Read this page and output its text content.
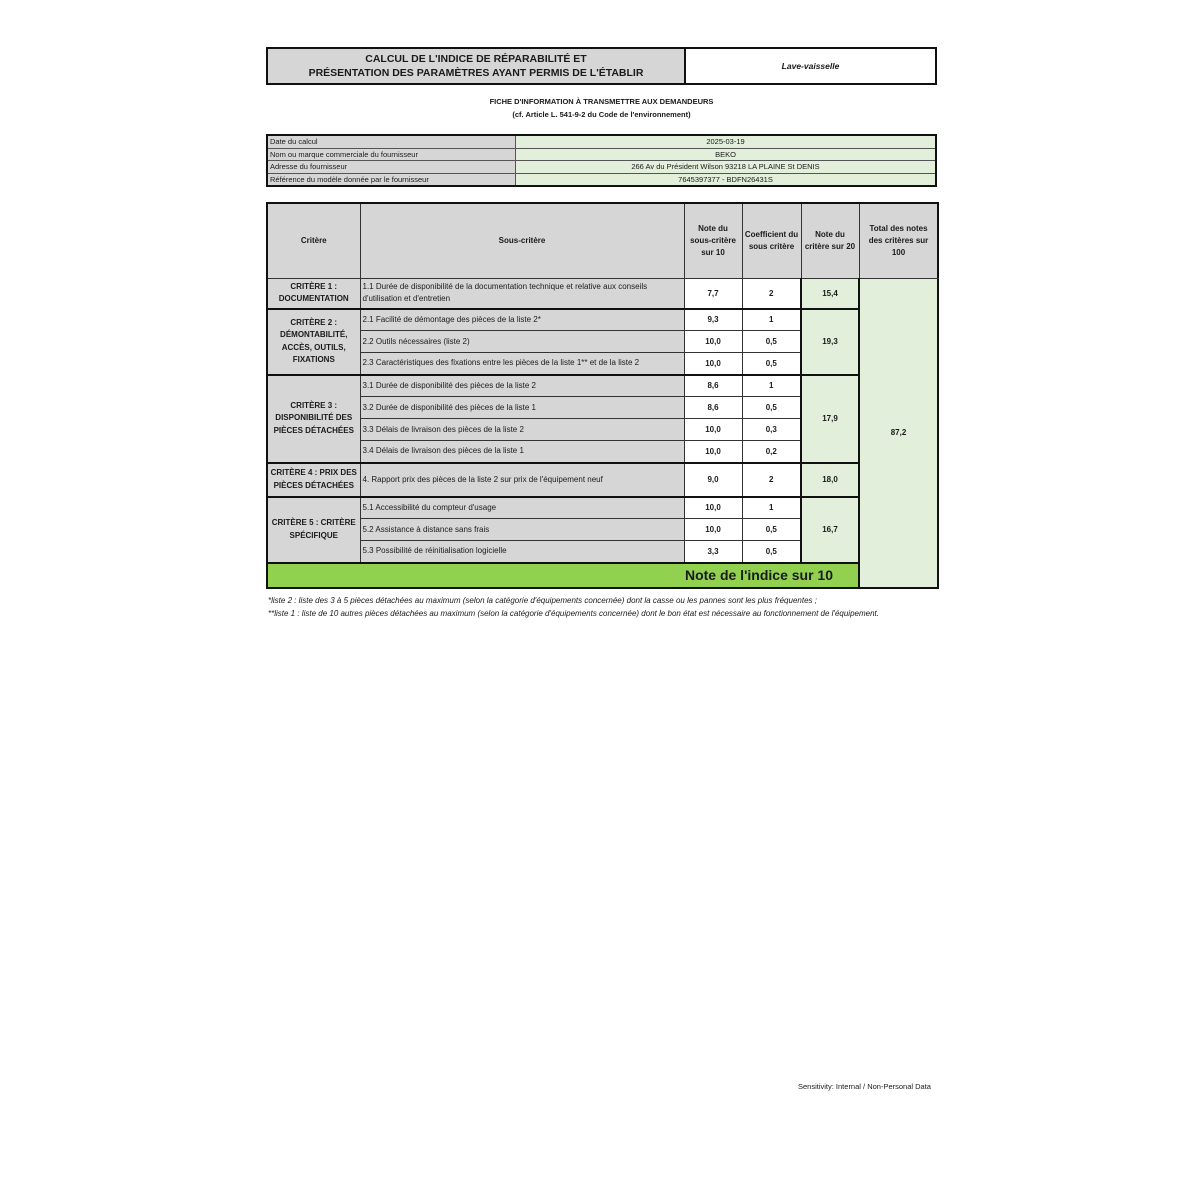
CALCUL DE L'INDICE DE RÉPARABILITÉ ET
PRÉSENTATION DES PARAMÈTRES AYANT PERMIS DE L'ÉTABLIR
Lave-vaisselle
FICHE D'INFORMATION À TRANSMETTRE AUX DEMANDEURS
(cf. Article L. 541-9-2 du Code de l'environnement)
Date du calcul	2025-03-19
Nom ou marque commerciale du fournisseur	BEKO
Adresse du fournisseur	266 Av du Président Wilson 93218 LA PLAINE St DENIS
Référence du modèle donnée par le fournisseur	7645397377 - BDFN26431S
Critère	Sous-critère	Note du sous-critère sur 10	Coefficient du sous critère	Note du critère sur 20	Total des notes des critères sur 100	
CRITÈRE 1 : DOCUMENTATION	1.1 Durée de disponibilité de la documentation technique et relative aux conseils d'utilisation et d'entretien	7,7	2	15,4	87,2	
CRITÈRE 2 : DÉMONTABILITÉ, ACCÈS, OUTILS, FIXATIONS	2.1 Facilité de démontage des pièces de la liste 2*	9,3	1	19,3		
	2.2 Outils nécessaires (liste 2)	10,0	0,5			
	2.3 Caractéristiques des fixations entre les pièces de la liste 1** et de la liste 2	10,0	0,5			
CRITÈRE 3 : DISPONIBILITÉ DES PIÈCES DÉTACHÉES	3.1 Durée de disponibilité des pièces de la liste 2	8,6	1	17,9		
	3.2 Durée de disponibilité des pièces de la liste 1	8,6	0,5			
	3.3 Délais de livraison des pièces de la liste 2	10,0	0,3			
	3.4 Délais de livraison des pièces de la liste 1	10,0	0,2			
CRITÈRE 4 : PRIX DES PIÈCES DÉTACHÉES	4. Rapport prix des pièces de la liste 2 sur prix de l'équipement neuf	9,0	2	18,0		
CRITÈRE 5 : CRITÈRE SPÉCIFIQUE	5.1 Accessibilité du compteur d'usage	10,0	1	16,7		
	5.2 Assistance à distance sans frais	10,0	0,5			
	5.3 Possibilité de réinitialisation logicielle	3,3	0,5			
Note de l'indice sur 10	
*liste 2 : liste des 3 à 5 pièces détachées au maximum (selon la catégorie d'équipements concernée) dont la casse ou les pannes sont les plus fréquentes ;
**liste 1 : liste de 10 autres pièces détachées au maximum (selon la catégorie d'équipements concernée) dont le bon état est nécessaire au fonctionnement de l'équipement.
Sensitivity: Internal / Non-Personal Data
